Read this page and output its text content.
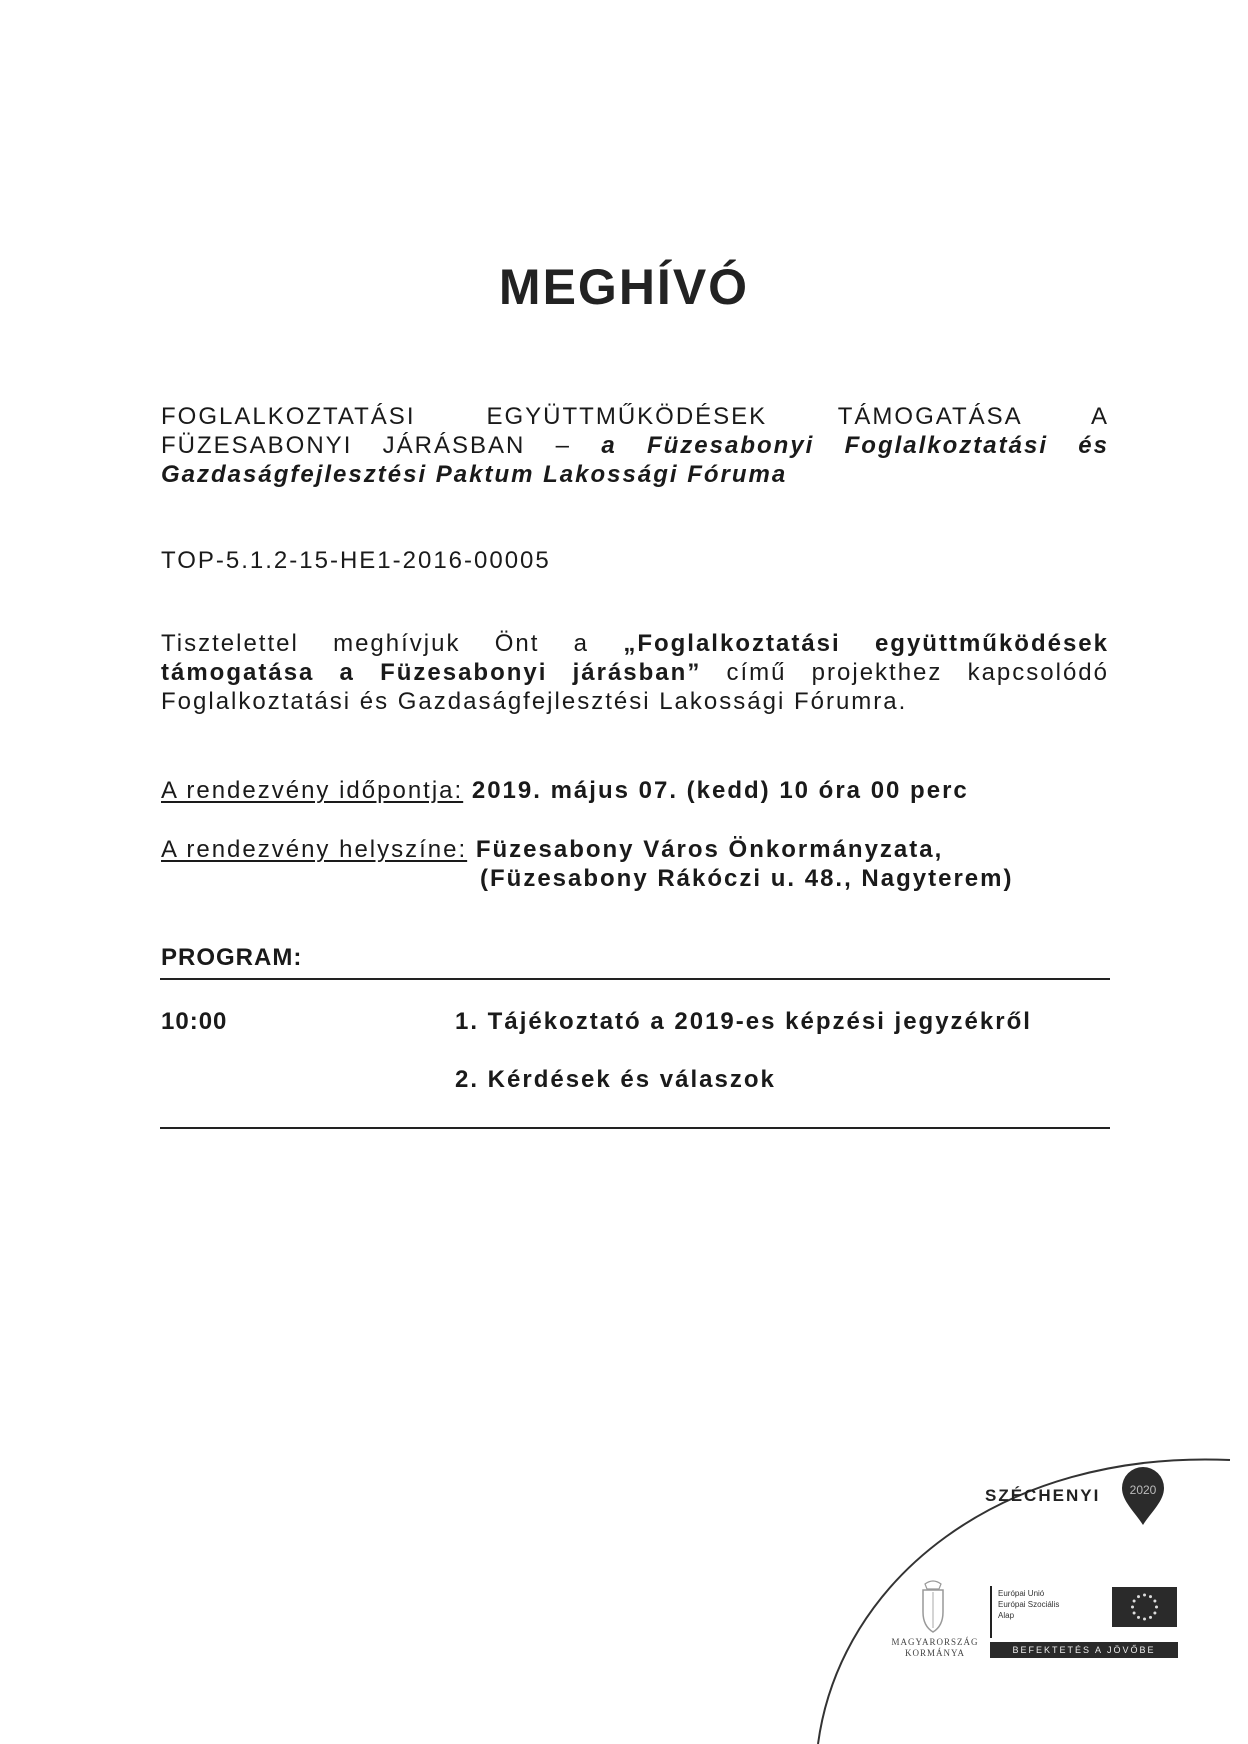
MEGHÍVÓ
FOGLALKOZTATÁSI	EGYÜTTMŰKÖDÉSEK	TÁMOGATÁSA	A
FÜZESABONYI JÁRÁSBAN – a Füzesabonyi Foglalkoztatási és
Gazdaságfejlesztési Paktum Lakossági Fóruma
TOP-5.1.2-15-HE1-2016-00005
Tisztelettel meghívjuk Önt a „Foglalkoztatási együttműködések
támogatása a Füzesabonyi járásban” című projekthez kapcsolódó
Foglalkoztatási és Gazdaságfejlesztési Lakossági Fórumra.
A rendezvény időpontja: 2019. május 07. (kedd) 10 óra 00 perc
A rendezvény helyszíne: Füzesabony Város Önkormányzata,
(Füzesabony Rákóczi u. 48., Nagyterem)
PROGRAM:
10:00	1. Tájékoztató a 2019-es képzési jegyzékről
2. Kérdések és válaszok
SZÉCHENYI 2020
MAGYARORSZÁG
KORMÁNYA
Európai Unió
Európai Szociális
Alap
BEFEKTETÉS A JÖVŐBE
